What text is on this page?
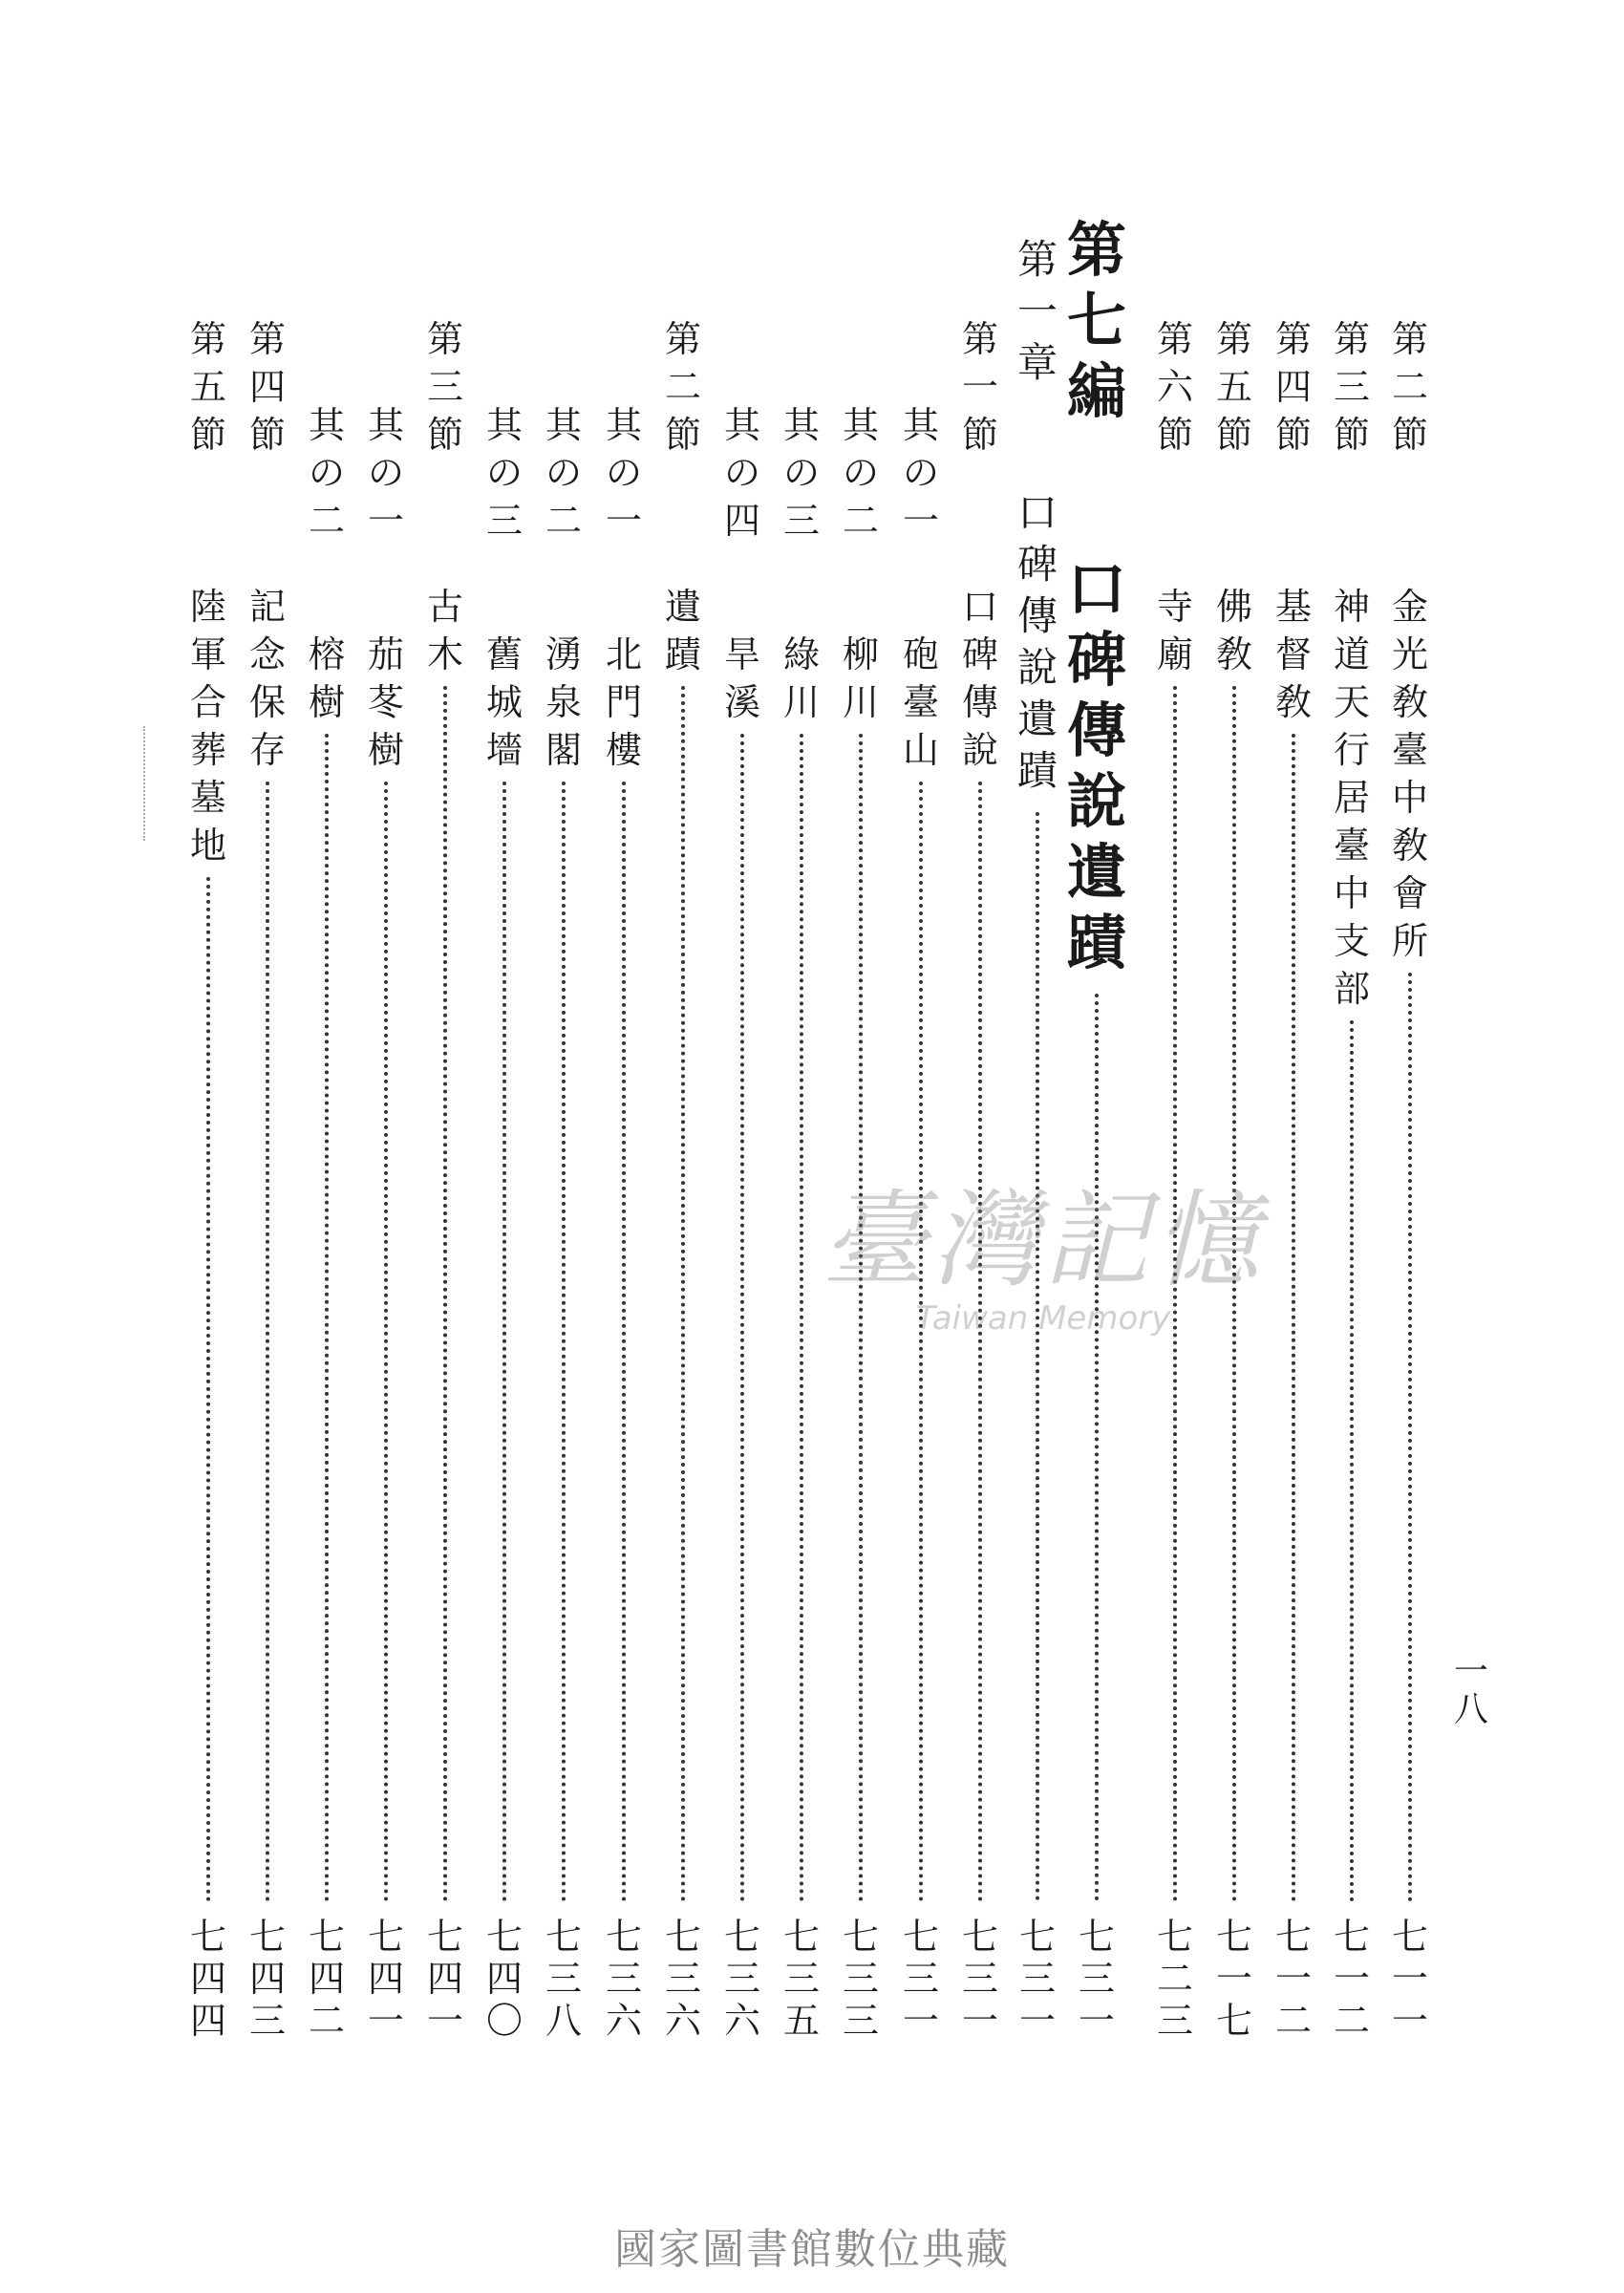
第
二
節
金
光
敎
臺
中
敎
會
所
七
一
一
第
三
節
神
道
天
行
居
臺
中
支
部
七
一
二
第
四
節
基
督
敎
七
一
二
第
五
節
佛
敎
七
一
七
第
六
節
寺
廟
七
二
三
第
一
節
口
碑
傳
說
七
三
一
其
の
一
砲
臺
山
七
三
一
其
の
二
柳
川
七
三
三
其
の
三
綠
川
七
三
五
其
の
四
旱
溪
七
三
六
第
二
節
遺
蹟
七
三
六
其
の
一
北
門
樓
七
三
六
其
の
二
湧
泉
閣
七
三
八
其
の
三
舊
城
墻
七
四
〇
第
三
節
古
木
七
四
一
其
の
一
茄
苳
樹
七
四
一
其
の
二
榕
樹
七
四
二
第
四
節
記
念
保
存
七
四
三
第
五
節
陸
軍
合
葬
墓
地
七
四
四
第
七
編
口
碑
傳
說
遺
蹟
七
三
一
第
一
章
口
碑
傳
說
遺
蹟
七
三
一
一
八
臺灣記憶
Taiwan Memory
國家圖書館數位典藏
